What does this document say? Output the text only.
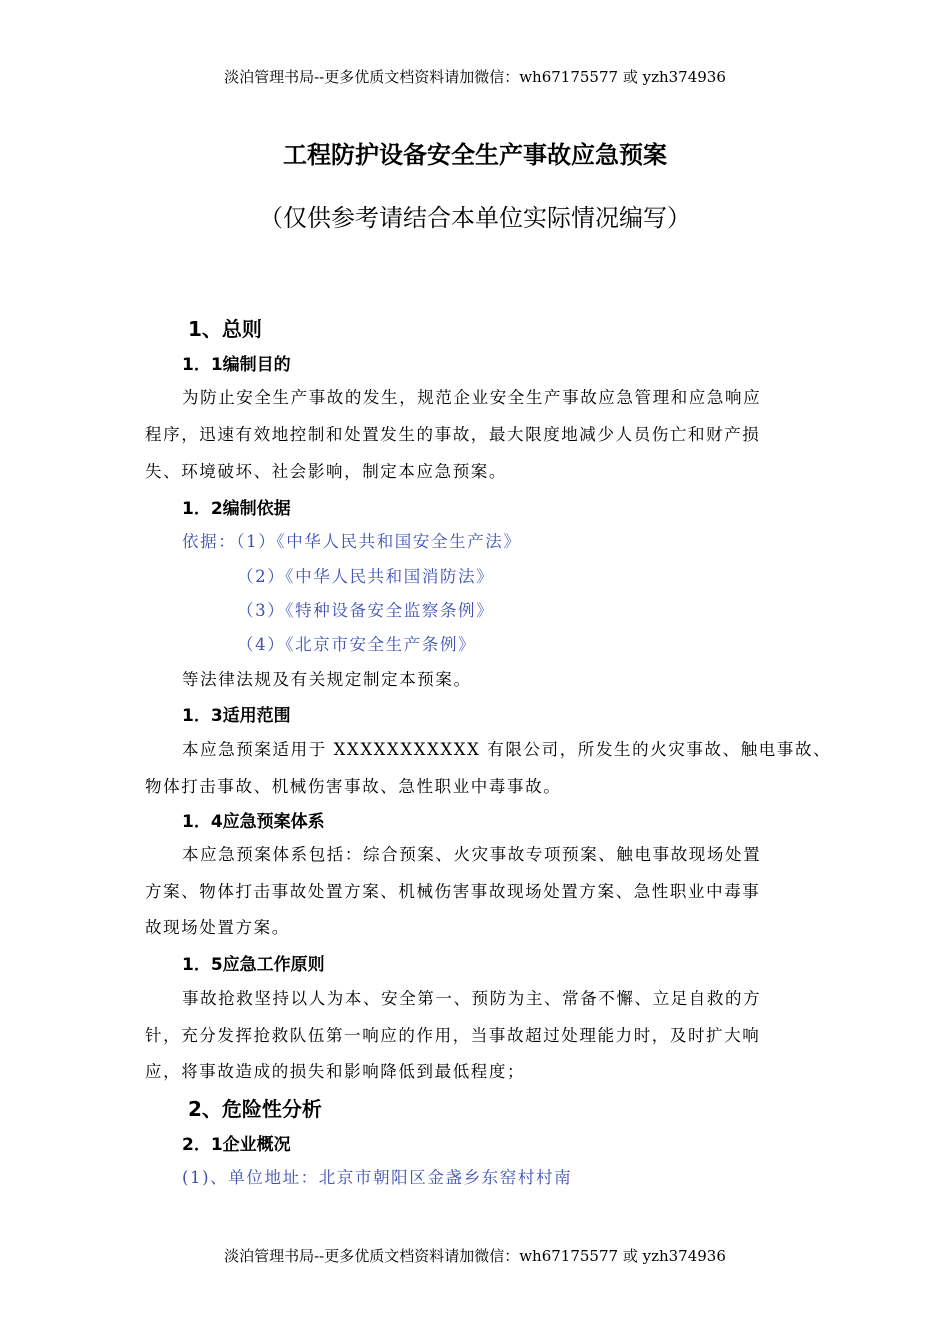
淡泊管理书局--更多优质文档资料请加微信：wh67175577 或 yzh374936
工程防护设备安全生产事故应急预案
（仅供参考请结合本单位实际情况编写）
1、总则
1．1编制目的
为防止安全生产事故的发生，规范企业安全生产事故应急管理和应急响应
程序，迅速有效地控制和处置发生的事故，最大限度地减少人员伤亡和财产损
失、环境破坏、社会影响，制定本应急预案。
1．2编制依据
依据：（1）《中华人民共和国安全生产法》
（2）《中华人民共和国消防法》
（3）《特种设备安全监察条例》
（4）《北京市安全生产条例》
等法律法规及有关规定制定本预案。
1．3适用范围
本应急预案适用于 XXXXXXXXXXX 有限公司，所发生的火灾事故、触电事故、
物体打击事故、机械伤害事故、急性职业中毒事故。
1．4应急预案体系
本应急预案体系包括：综合预案、火灾事故专项预案、触电事故现场处置
方案、物体打击事故处置方案、机械伤害事故现场处置方案、急性职业中毒事
故现场处置方案。
1．5应急工作原则
事故抢救坚持以人为本、安全第一、预防为主、常备不懈、立足自救的方
针，充分发挥抢救队伍第一响应的作用，当事故超过处理能力时，及时扩大响
应，将事故造成的损失和影响降低到最低程度；
2、危险性分析
2．1企业概况
(1)、单位地址：北京市朝阳区金盏乡东窑村村南
淡泊管理书局--更多优质文档资料请加微信：wh67175577 或 yzh374936
